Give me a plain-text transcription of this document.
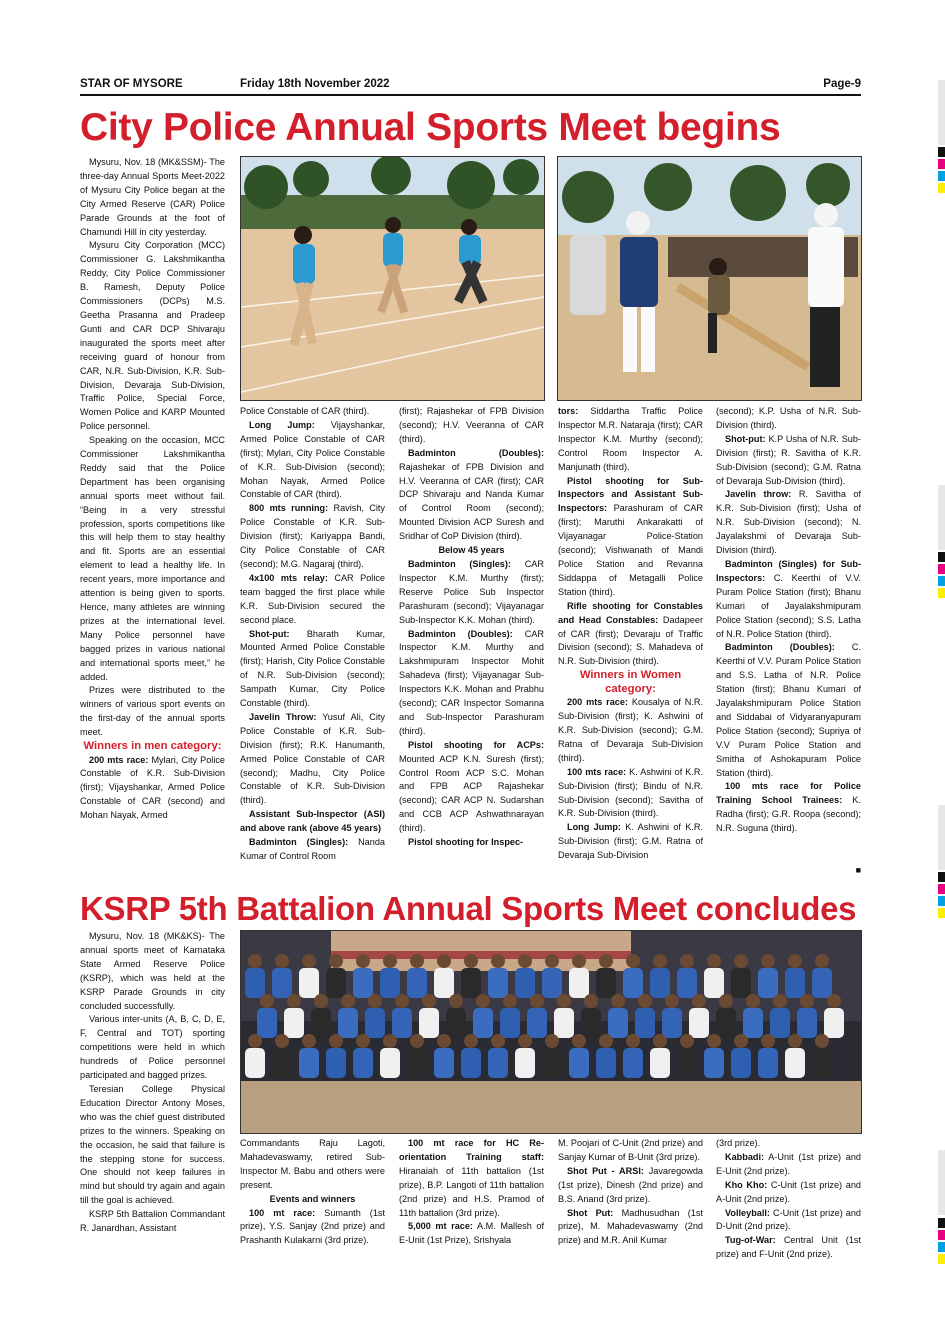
STAR OF MYSORE	Friday 18th November 2022	Page-9
City Police Annual Sports Meet begins

Mysuru, Nov. 18 (MK&SSM)- The three-day Annual Sports Meet-2022 of Mysuru City Police began at the City Armed Reserve (CAR) Police Parade Grounds at the foot of Chamundi Hill in city yesterday.

Mysuru City Corporation (MCC) Commissioner G. Lakshmikantha Reddy, City Police Commissioner B. Ramesh, Deputy Police Commissioners (DCPs) M.S. Geetha Prasanna and Pradeep Gunti and CAR DCP Shivaraju inaugurated the sports meet after receiving guard of honour from CAR, N.R. Sub-Division, K.R. Sub-Division, Devaraja Sub-Division, Traffic Police, Special Force, Women Police and KARP Mounted Police personnel.

Speaking on the occasion, MCC Commissioner Lakshmikantha Reddy said that the Police Department has been organising annual sports meet without fail. “Being in a very stressful profession, sports competitions like this will help them to stay healthy and fit. Sports are an essential element to lead a healthy life. In recent years, more importance and attention is being given to sports. Hence, many athletes are winning prizes at the international level. Many Police personnel have bagged prizes in various national and international sports meet,” he added.

Prizes were distributed to the winners of various sport events on the first-day of the annual sports meet.

Winners in men category:

200 mts race: Mylari, City Police Constable of K.R. Sub-Division (first); Vijayshankar, Armed Police Constable of CAR (second) and Mohan Nayak, Armed

Police Constable of CAR (third).

Long Jump: Vijayshankar, Armed Police Constable of CAR (first); Mylari, City Police Constable of K.R. Sub-Division (second); Mohan Nayak, Armed Police Constable of CAR (third).

800 mts running: Ravish, City Police Constable of K.R. Sub-Division (first); Kariyappa Bandi, City Police Constable of CAR (second); M.G. Nagaraj (third).

4x100 mts relay: CAR Police team bagged the first place while K.R. Sub-Division secured the second place.

Shot-put: Bharath Kumar, Mounted Armed Police Constable (first); Harish, City Police Constable of N.R. Sub-Division (second); Sampath Kumar, City Police Constable (third).

Javelin Throw: Yusuf Ali, City Police Constable of K.R. Sub-Division (first); R.K. Hanumanth, Armed Police Constable of CAR (second); Madhu, City Police Constable of K.R. Sub-Division (third).

Assistant Sub-Inspector (ASI) and above rank (above 45 years)

Badminton (Singles): Nanda Kumar of Control Room

(first); Rajashekar of FPB Division (second); H.V. Veeranna of CAR (third).

Badminton (Doubles): Rajashekar of FPB Division and H.V. Veeranna of CAR (first); CAR DCP Shivaraju and Nanda Kumar of Control Room (second); Mounted Division ACP Suresh and Sridhar of CoP Division (third).

Below 45 years

Badminton (Singles): CAR Inspector K.M. Murthy (first); Reserve Police Sub Inspector Parashuram (second); Vijayanagar Sub-Inspector K.K. Mohan (third).

Badminton (Doubles): CAR Inspector K.M. Murthy and Lakshmipuram Inspector Mohit Sahadeva (first); Vijayanagar Sub-Inspectors K.K. Mohan and Prabhu (second); CAR Inspector Somanna and Sub-Inspector Parashuram (third).

Pistol shooting for ACPs: Mounted ACP K.N. Suresh (first); Control Room ACP S.C. Mohan and FPB ACP Rajashekar (second); CAR ACP N. Sudarshan and CCB ACP Ashwathnarayan (third).

Pistol shooting for Inspec-

tors: Siddartha Traffic Police Inspector M.R. Nataraja (first); CAR Inspector K.M. Murthy (second); Control Room Inspector A. Manjunath (third).

Pistol shooting for Sub-Inspectors and Assistant Sub-Inspectors: Parashuram of CAR (first); Maruthi Ankarakatti of Vijayanagar Police-Station (second); Vishwanath of Mandi Police Station and Revanna Siddappa of Metagalli Police Station (third).

Rifle shooting for Constables and Head Constables: Dadapeer of CAR (first); Devaraju of Traffic Division (second); S. Mahadeva of N.R. Sub-Division (third).

Winners in Women category:

200 mts race: Kousalya of N.R. Sub-Division (first); K. Ashwini of K.R. Sub-Division (second); G.M. Ratna of Devaraja Sub-Division (third).

100 mts race: K. Ashwini of K.R. Sub-Division (first); Bindu of N.R. Sub-Division (second); Savitha of K.R. Sub-Division (third).

Long Jump: K. Ashwini of K.R. Sub-Division (first); G.M. Ratna of Devaraja Sub-Division

(second); K.P. Usha of N.R. Sub-Division (third).

Shot-put: K.P Usha of N.R. Sub-Division (first); R. Savitha of K.R. Sub-Division (second); G.M. Ratna of Devaraja Sub-Division (third).

Javelin throw: R. Savitha of K.R. Sub-Division (first); Usha of N.R. Sub-Division (second); N. Jayalakshmi of Devaraja Sub-Division (third).

Badminton (Singles) for Sub-Inspectors: C. Keerthi of V.V. Puram Police Station (first); Bhanu Kumari of Jayalakshmipuram Police Station (second); S.S. Latha of N.R. Police Station (third).

Badminton (Doubles): C. Keerthi of V.V. Puram Police Station and S.S. Latha of N.R. Police Station (first); Bhanu Kumari of Jayalakshmipuram Police Station and Siddabai of Vidyaranyapuram Police Station (second); Supriya of V.V Puram Police Station and Smitha of Ashokapuram Police Station (third).

100 mts race for Police Training School Trainees: K. Radha (first); G.R. Roopa (second); N.R. Suguna (third).

■
KSRP 5th Battalion Annual Sports Meet concludes

Mysuru, Nov. 18 (MK&KS)- The annual sports meet of Karnataka State Armed Reserve Police (KSRP), which was held at the KSRP Parade Grounds in city concluded successfully.

Various inter-units (A, B, C, D, E, F, Central and TOT) sporting competitions were held in which hundreds of Police personnel participated and bagged prizes.

Teresian College Physical Education Director Antony Moses, who was the chief guest distributed prizes to the winners. Speaking on the occasion, he said that failure is the stepping stone for success. One should not keep failures in mind but should try again and again till the goal is achieved.

KSRP 5th Battalion Commandant R. Janardhan, Assistant

Commandants Raju Lagoti, Mahadevaswamy, retired Sub-Inspector M. Babu and others were present.

Events and winners

100 mt race: Sumanth (1st prize), Y.S. Sanjay (2nd prize) and Prashanth Kulakarni (3rd prize).

100 mt race for HC Re-orientation Training staff: Hiranaiah of 11th battalion (1st prize), B.P. Langoti of 11th battalion (2nd prize) and H.S. Pramod of 11th battalion (3rd prize).

5,000 mt race: A.M. Mallesh of E-Unit (1st Prize), Srishyala

M. Poojari of C-Unit (2nd prize) and Sanjay Kumar of B-Unit (3rd prize).

Shot Put - ARSI: Javaregowda (1st prize), Dinesh (2nd prize) and B.S. Anand (3rd prize).

Shot Put: Madhusudhan (1st prize), M. Mahadevaswamy (2nd prize) and M.R. Anil Kumar

(3rd prize).

Kabbadi: A-Unit (1st prize) and E-Unit (2nd prize).

Kho Kho: C-Unit (1st prize) and A-Unit (2nd prize).

Volleyball: C-Unit (1st prize) and D-Unit (2nd prize).

Tug-of-War: Central Unit (1st prize) and F-Unit (2nd prize).
